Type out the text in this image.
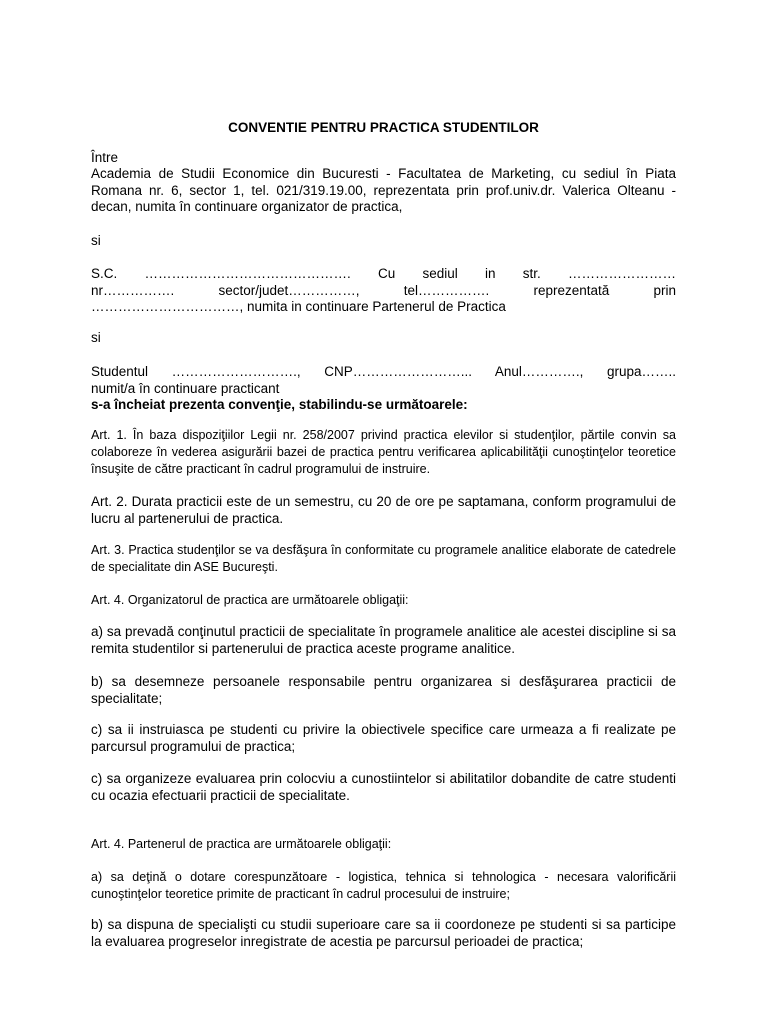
CONVENTIE PENTRU PRACTICA STUDENTILOR
Între
Academia de Studii Economice din Bucuresti - Facultatea de Marketing, cu sediul în Piata Romana nr. 6, sector 1, tel. 021/319.19.00, reprezentata prin prof.univ.dr. Valerica Olteanu - decan, numita în continuare organizator de practica,
si
S.C. ………………………………………. Cu sediul in str. ……………………
nr……………. sector/judet……………, tel……………. reprezentată prin
……………………………, numita in continuare Partenerul de Practica
si
Studentul ………………………., CNP……………………... Anul…………., grupa……..
numit/a în continuare practicant
s-a încheiat prezenta convenţie, stabilindu-se următoarele:
Art. 1. În baza dispoziţiilor Legii nr. 258/2007 privind practica elevilor si studenţilor, părtile convin sa colaboreze în vederea asigurării bazei de practica pentru verificarea aplicabilităţii cunoştinţelor teoretice însuşite de către practicant în cadrul programului de instruire.
Art. 2. Durata practicii este de un semestru, cu 20 de ore pe saptamana, conform programului de lucru al partenerului de practica.
Art. 3. Practica studenţilor se va desfăşura în conformitate cu programele analitice elaborate de catedrele de specialitate din ASE Bucureşti.
Art. 4. Organizatorul de practica are următoarele obligaţii:
a) sa prevadă conţinutul practicii de specialitate în programele analitice ale acestei discipline si sa remita studentilor si partenerului de practica aceste programe analitice.
b) sa desemneze persoanele responsabile pentru organizarea si desfăşurarea practicii de specialitate;
c) sa ii instruiasca pe studenti cu privire la obiectivele specifice care urmeaza a fi realizate pe parcursul programului de practica;
c) sa organizeze evaluarea prin colocviu a cunostiintelor si abilitatilor dobandite de catre studenti cu ocazia efectuarii practicii de specialitate.
Art. 4. Partenerul de practica are următoarele obligaţii:
a) sa deţină o dotare corespunzătoare - logistica, tehnica si tehnologica - necesara valorificării cunoştinţelor teoretice primite de practicant în cadrul procesului de instruire;
b) sa dispuna de specialişti cu studii superioare care sa ii coordoneze pe studenti si sa participe la evaluarea progreselor inregistrate de acestia pe parcursul perioadei de practica;
